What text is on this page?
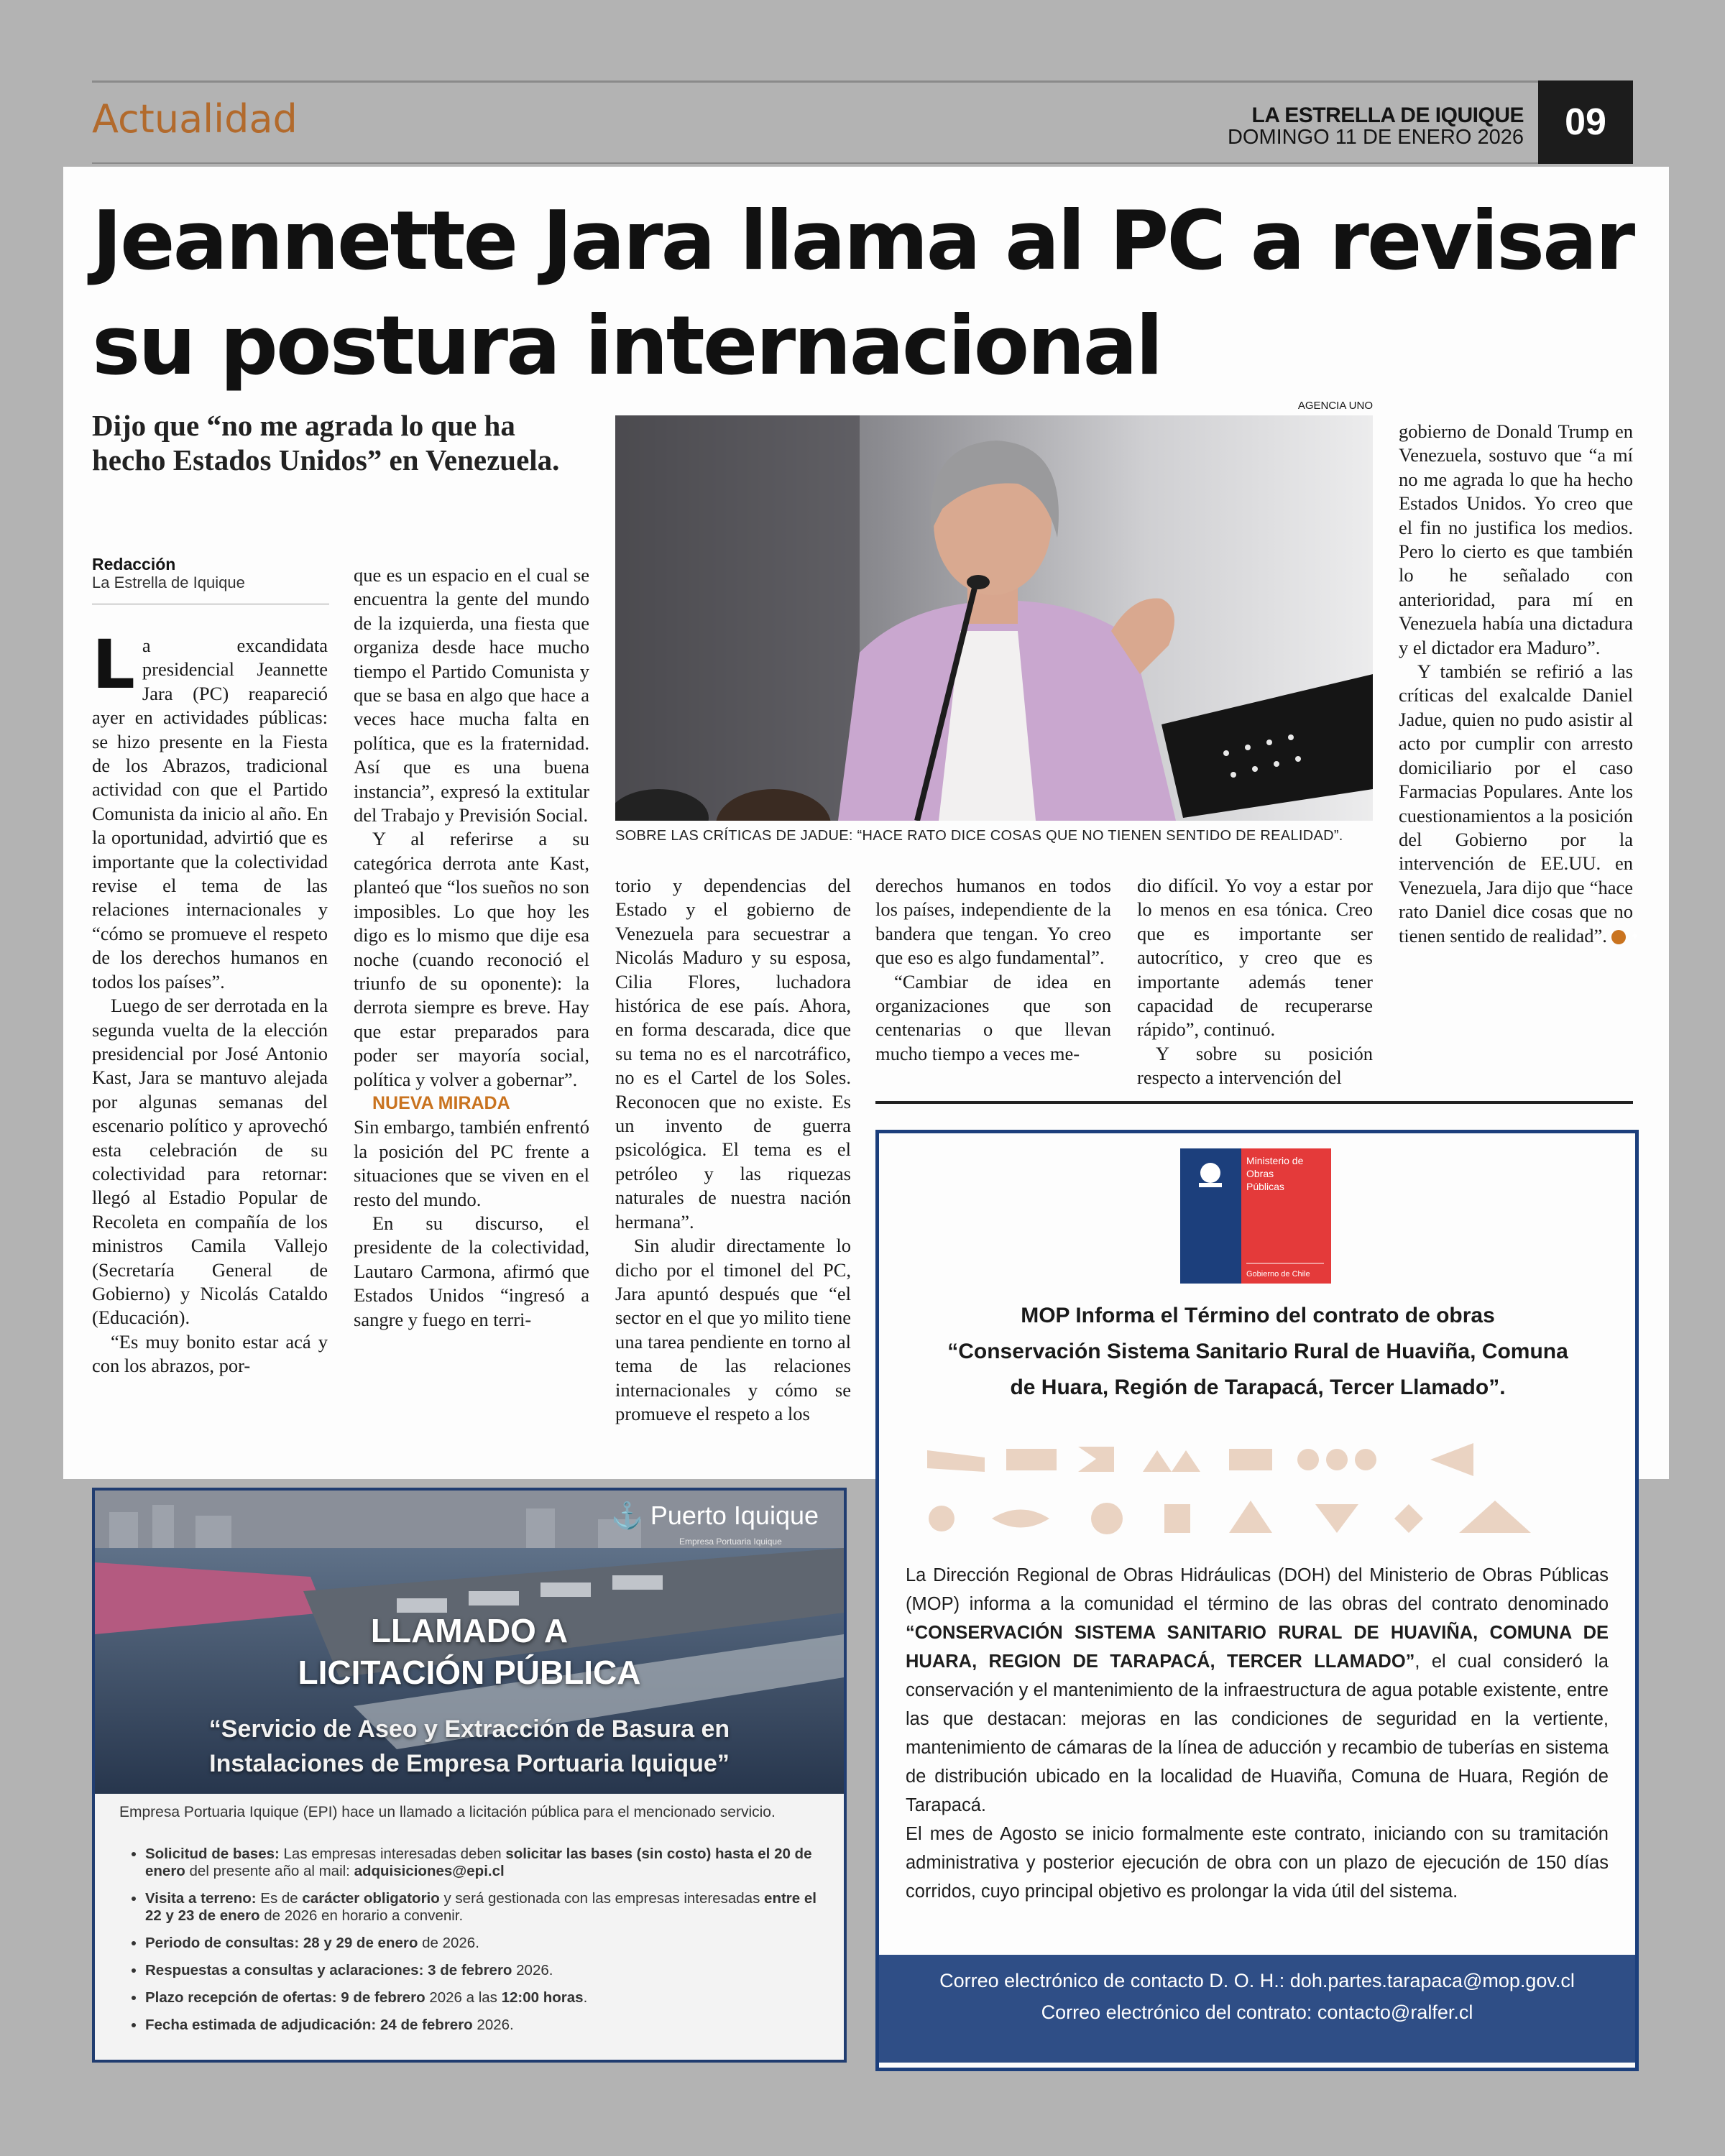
Actualidad	LA ESTRELLA DE IQUIQUE
DOMINGO 11 DE ENERO 2026	09
Jeannette Jara llama al PC a revisar su postura internacional
Dijo que “no me agrada lo que ha hecho Estados Unidos” en Venezuela.
Redacción
La Estrella de Iquique

La excandidata presidencial Jeannette Jara (PC) reapareció ayer en actividades públicas: se hizo presente en la Fiesta de los Abrazos, tradicional actividad con que el Partido Comunista da inicio al año. En la oportunidad, advirtió que es importante que la colectividad revise el tema de las relaciones internacionales y “cómo se promueve el respeto de los derechos humanos en todos los países”.

Luego de ser derrotada en la segunda vuelta de la elección presidencial por José Antonio Kast, Jara se mantuvo alejada por algunas semanas del escenario político y aprovechó esta celebración de su colectividad para retornar: llegó al Estadio Popular de Recoleta en compañía de los ministros Camila Vallejo (Secretaría General de Gobierno) y Nicolás Cataldo (Educación).

“Es muy bonito estar acá y con los abrazos, por-

que es un espacio en el cual se encuentra la gente del mundo de la izquierda, una fiesta que organiza desde hace mucho tiempo el Partido Comunista y que se basa en algo que hace a veces hace mucha falta en política, que es la fraternidad. Así que es una buena instancia”, expresó la extitular del Trabajo y Previsión Social.

Y al referirse a su categórica derrota ante Kast, planteó que “los sueños no son imposibles. Lo que hoy les digo es lo mismo que dije esa noche (cuando reconoció el triunfo de su oponente): la derrota siempre es breve. Hay que estar preparados para poder ser mayoría social, política y volver a gobernar”.

NUEVA MIRADA

Sin embargo, también enfrentó la posición del PC frente a situaciones que se viven en el resto del mundo.

En su discurso, el presidente de la colectividad, Lautaro Carmona, afirmó que Estados Unidos “ingresó a sangre y fuego en terri-

AGENCIA UNO
SOBRE LAS CRÍTICAS DE JADUE: “HACE RATO DICE COSAS QUE NO TIENEN SENTIDO DE REALIDAD”.

torio y dependencias del Estado y el gobierno de Venezuela para secuestrar a Nicolás Maduro y su esposa, Cilia Flores, luchadora histórica de ese país. Ahora, en forma descarada, dice que su tema no es el narcotráfico, no es el Cartel de los Soles. Reconocen que no existe. Es un invento de guerra psicológica. El tema es el petróleo y las riquezas naturales de nuestra nación hermana”.

Sin aludir directamente lo dicho por el timonel del PC, Jara apuntó después que “el sector en el que yo milito tiene una tarea pendiente en torno al tema de las relaciones internacionales y cómo se promueve el respeto a los

derechos humanos en todos los países, independiente de la bandera que tengan. Yo creo que eso es algo fundamental”.

“Cambiar de idea en organizaciones que son centenarias o que llevan mucho tiempo a veces me-

dio difícil. Yo voy a estar por lo menos en esa tónica. Creo que es importante ser autocrítico, y creo que es importante además tener capacidad de recuperarse rápido”, continuó.

Y sobre su posición respecto a intervención del

gobierno de Donald Trump en Venezuela, sostuvo que “a mí no me agrada lo que ha hecho Estados Unidos. Yo creo que el fin no justifica los medios. Pero lo cierto es que también lo he señalado con anterioridad, para mí en Venezuela había una dictadura y el dictador era Maduro”.

Y también se refirió a las críticas del exalcalde Daniel Jadue, quien no pudo asistir al acto por cumplir con arresto domiciliario por el caso Farmacias Populares. Ante los cuestionamientos a la posición del Gobierno por la intervención de EE.UU. en Venezuela, Jara dijo que “hace rato Daniel dice cosas que no tienen sentido de realidad”. ✦

Ministerio de
Obras
Públicas
Gobierno de Chile
MOP Informa el Término del contrato de obras
“Conservación Sistema Sanitario Rural de Huaviña, Comuna
de Huara, Región de Tarapacá, Tercer Llamado”.

La Dirección Regional de Obras Hidráulicas (DOH) del Ministerio de Obras Públicas (MOP) informa a la comunidad el término de las obras del contrato denominado “CONSERVACIÓN SISTEMA SANITARIO RURAL DE HUAVIÑA, COMUNA DE HUARA, REGION DE TARAPACÁ, TERCER LLAMADO”, el cual consideró la conservación y el mantenimiento de la infraestructura de agua potable existente, entre las que destacan: mejoras en las condiciones de seguridad en la vertiente, mantenimiento de cámaras de la línea de aducción y recambio de tuberías en sistema de distribución ubicado en la localidad de Huaviña, Comuna de Huara, Región de Tarapacá.

El mes de Agosto se inicio formalmente este contrato, iniciando con su tramitación administrativa y posterior ejecución de obra con un plazo de ejecución de 150 días corridos, cuyo principal objetivo es prolongar la vida útil del sistema.

Correo electrónico de contacto D. O. H.: doh.partes.tarapaca@mop.gov.cl
Correo electrónico del contrato: contacto@ralfer.cl
⚓ Puerto Iquique
Empresa Portuaria Iquique
LLAMADO A
LICITACIÓN PÚBLICA
“Servicio de Aseo y Extracción de Basura en
Instalaciones de Empresa Portuaria Iquique”
Empresa Portuaria Iquique (EPI) hace un llamado a licitación pública para el mencionado servicio.
• Solicitud de bases: Las empresas interesadas deben solicitar las bases (sin costo) hasta el 20 de enero del presente año al mail: adquisiciones@epi.cl
• Visita a terreno: Es de carácter obligatorio y será gestionada con las empresas interesadas entre el 22 y 23 de enero de 2026 en horario a convenir.
• Periodo de consultas: 28 y 29 de enero de 2026.
• Respuestas a consultas y aclaraciones: 3 de febrero 2026.
• Plazo recepción de ofertas: 9 de febrero 2026 a las 12:00 horas.
• Fecha estimada de adjudicación: 24 de febrero 2026.
